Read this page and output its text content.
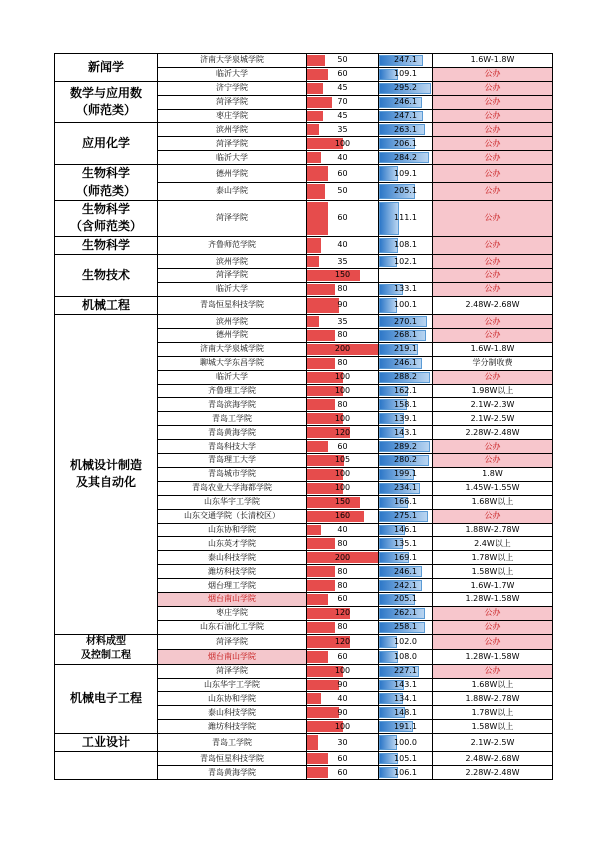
新闻学	济南大学泉城学院	50	247.1	1.6W-1.8W
	临沂大学	60	109.1	公办

数学与应用数
（师范类）	济宁学院	45	295.2	公办
	菏泽学院	70	246.1	公办
	枣庄学院	45	247.1	公办

应用化学	滨州学院	35	263.1	公办
	菏泽学院	100	206.1	公办
	临沂大学	40	284.2	公办

生物科学
（师范类）	德州学院	60	109.1	公办
	泰山学院	50	205.1	公办

生物科学
（含师范类）	菏泽学院	60	111.1	公办

生物科学	齐鲁师范学院	40	108.1	公办

生物技术	滨州学院	35	102.1	公办
	菏泽学院	150		公办
	临沂大学	80	133.1	公办

机械工程	青岛恒星科技学院	90	100.1	2.48W-2.68W

机械设计制造
及其自动化	滨州学院	35	270.1	公办
	德州学院	80	268.1	公办
	济南大学泉城学院	200	219.1	1.6W-1.8W
	聊城大学东昌学院	80	246.1	学分制收费
	临沂大学	100	288.2	公办
	齐鲁理工学院	100	162.1	1.98W以上
	青岛滨海学院	80	158.1	2.1W-2.3W
	青岛工学院	100	139.1	2.1W-2.5W
	青岛黄海学院	120	143.1	2.28W-2.48W
	青岛科技大学	60	289.2	公办
	青岛理工大学	105	280.2	公办
	青岛城市学院	100	199.1	1.8W
	青岛农业大学海都学院	100	234.1	1.45W-1.55W
	山东华宇工学院	150	166.1	1.68W以上
	山东交通学院（长清校区）	160	275.1	公办
	山东协和学院	40	146.1	1.88W-2.78W
	山东英才学院	80	135.1	2.4W以上
	泰山科技学院	200	169.1	1.78W以上
	潍坊科技学院	80	246.1	1.58W以上
	烟台理工学院	80	242.1	1.6W-1.7W
	烟台南山学院	60	205.1	1.28W-1.58W
	枣庄学院	120	262.1	公办
	山东石油化工学院	80	258.1	公办

材料成型
及控制工程	菏泽学院	120	102.0	公办
	烟台南山学院	60	108.0	1.28W-1.58W

机械电子工程	菏泽学院	100	227.1	公办
	山东华宇工学院	90	143.1	1.68W以上
	山东协和学院	40	134.1	1.88W-2.78W
	泰山科技学院	90	148.1	1.78W以上
	潍坊科技学院	100	191.1	1.58W以上

工业设计	青岛工学院	30	100.0	2.1W-2.5W

	青岛恒星科技学院	60	105.1	2.48W-2.68W
	青岛黄海学院	60	106.1	2.28W-2.48W
